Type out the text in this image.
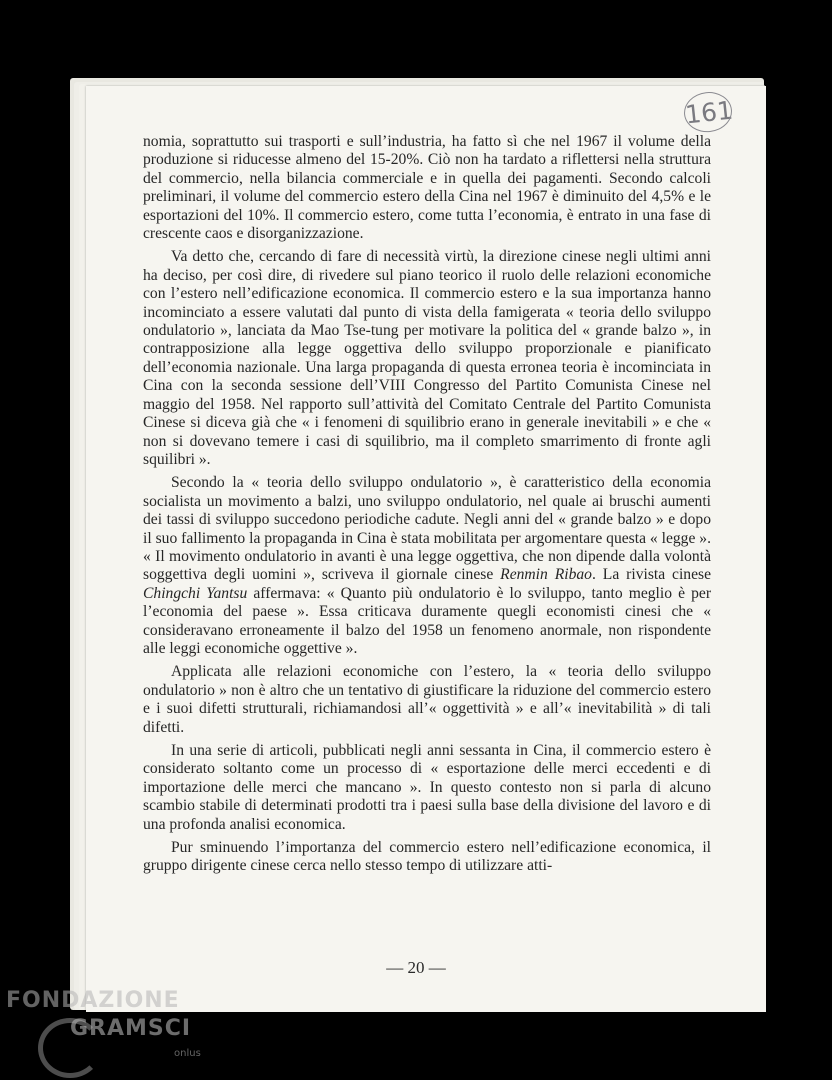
161

nomia, soprattutto sui trasporti e sull’industria, ha fatto sì che nel 1967 il volume della produzione si riducesse almeno del 15-20%. Ciò non ha tardato a riflettersi nella struttura del commercio, nella bilancia commerciale e in quella dei pagamenti. Secondo calcoli preliminari, il volume del commercio estero della Cina nel 1967 è diminuito del 4,5% e le esportazioni del 10%. Il commercio estero, come tutta l’economia, è entrato in una fase di crescente caos e disorganizzazione.

Va detto che, cercando di fare di necessità virtù, la direzione cinese negli ultimi anni ha deciso, per così dire, di rivedere sul piano teorico il ruolo delle relazioni economiche con l’estero nell’edificazione economica. Il commercio estero e la sua importanza hanno incominciato a essere valutati dal punto di vista della famigerata « teoria dello sviluppo ondulatorio », lanciata da Mao Tse-tung per motivare la politica del « grande balzo », in contrapposizione alla legge oggettiva dello sviluppo proporzionale e pianificato dell’economia nazionale. Una larga propaganda di questa erronea teoria è incominciata in Cina con la seconda sessione dell’VIII Congresso del Partito Comunista Cinese nel maggio del 1958. Nel rapporto sull’attività del Comitato Centrale del Partito Comunista Cinese si diceva già che « i fenomeni di squilibrio erano in generale inevitabili » e che « non si dovevano temere i casi di squilibrio, ma il completo smarrimento di fronte agli squilibri ».

Secondo la « teoria dello sviluppo ondulatorio », è caratteristico della economia socialista un movimento a balzi, uno sviluppo ondulatorio, nel quale ai bruschi aumenti dei tassi di sviluppo succedono periodiche cadute. Negli anni del « grande balzo » e dopo il suo fallimento la propaganda in Cina è stata mobilitata per argomentare questa « legge ». « Il movimento ondulatorio in avanti è una legge oggettiva, che non dipende dalla volontà soggettiva degli uomini », scriveva il giornale cinese Renmin Ribao. La rivista cinese Chingchi Yantsu affermava: « Quanto più ondulatorio è lo sviluppo, tanto meglio è per l’economia del paese ». Essa criticava duramente quegli economisti cinesi che « consideravano erroneamente il balzo del 1958 un fenomeno anormale, non rispondente alle leggi economiche oggettive ».

Applicata alle relazioni economiche con l’estero, la « teoria dello sviluppo ondulatorio » non è altro che un tentativo di giustificare la riduzione del commercio estero e i suoi difetti strutturali, richiamandosi all’« oggettività » e all’« inevitabilità » di tali difetti.

In una serie di articoli, pubblicati negli anni sessanta in Cina, il commercio estero è considerato soltanto come un processo di « esportazione delle merci eccedenti e di importazione delle merci che mancano ». In questo contesto non si parla di alcuno scambio stabile di determinati prodotti tra i paesi sulla base della divisione del lavoro e di una profonda analisi economica.

Pur sminuendo l’importanza del commercio estero nell’edificazione economica, il gruppo dirigente cinese cerca nello stesso tempo di utilizzare atti-

— 20 —
FONDAZIONE
GRAMSCI
onlus
